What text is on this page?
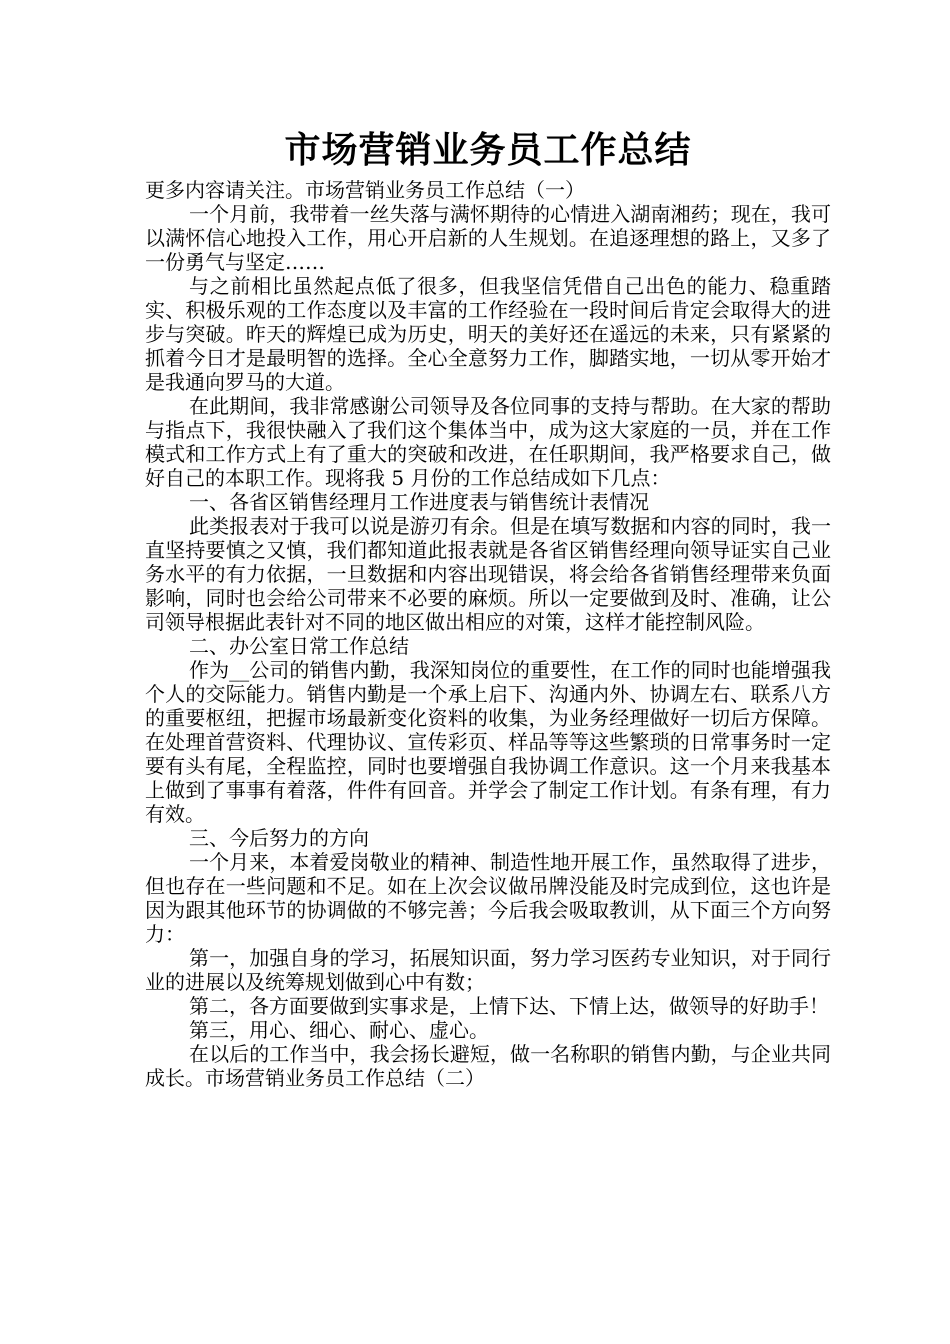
市场营销业务员工作总结

更多内容请关注。市场营销业务员工作总结（一）

一个月前，我带着一丝失落与满怀期待的心情进入湖南湘药；现在，我可以满怀信心地投入工作，用心开启新的人生规划。在追逐理想的路上，又多了一份勇气与坚定……

与之前相比虽然起点低了很多，但我坚信凭借自己出色的能力、稳重踏实、积极乐观的工作态度以及丰富的工作经验在一段时间后肯定会取得大的进步与突破。昨天的辉煌已成为历史，明天的美好还在遥远的未来，只有紧紧的抓着今日才是最明智的选择。全心全意努力工作，脚踏实地，一切从零开始才是我通向罗马的大道。

在此期间，我非常感谢公司领导及各位同事的支持与帮助。在大家的帮助与指点下，我很快融入了我们这个集体当中，成为这大家庭的一员，并在工作模式和工作方式上有了重大的突破和改进，在任职期间，我严格要求自己，做好自己的本职工作。现将我 5 月份的工作总结成如下几点：

一、各省区销售经理月工作进度表与销售统计表情况

此类报表对于我可以说是游刃有余。但是在填写数据和内容的同时，我一直坚持要慎之又慎，我们都知道此报表就是各省区销售经理向领导证实自己业务水平的有力依据，一旦数据和内容出现错误，将会给各省销售经理带来负面影响，同时也会给公司带来不必要的麻烦。所以一定要做到及时、准确，让公司领导根据此表针对不同的地区做出相应的对策，这样才能控制风险。

二、办公室日常工作总结

作为__公司的销售内勤，我深知岗位的重要性，在工作的同时也能增强我个人的交际能力。销售内勤是一个承上启下、沟通内外、协调左右、联系八方的重要枢纽，把握市场最新变化资料的收集，为业务经理做好一切后方保障。在处理首营资料、代理协议、宣传彩页、样品等等这些繁琐的日常事务时一定要有头有尾，全程监控，同时也要增强自我协调工作意识。这一个月来我基本上做到了事事有着落，件件有回音。并学会了制定工作计划。有条有理，有力有效。

三、今后努力的方向

一个月来，本着爱岗敬业的精神、制造性地开展工作，虽然取得了进步，但也存在一些问题和不足。如在上次会议做吊牌没能及时完成到位，这也许是因为跟其他环节的协调做的不够完善；今后我会吸取教训，从下面三个方向努力：

第一，加强自身的学习，拓展知识面，努力学习医药专业知识，对于同行业的进展以及统筹规划做到心中有数；

第二，各方面要做到实事求是，上情下达、下情上达，做领导的好助手！

第三，用心、细心、耐心、虚心。

在以后的工作当中，我会扬长避短，做一名称职的销售内勤，与企业共同成长。市场营销业务员工作总结（二）
